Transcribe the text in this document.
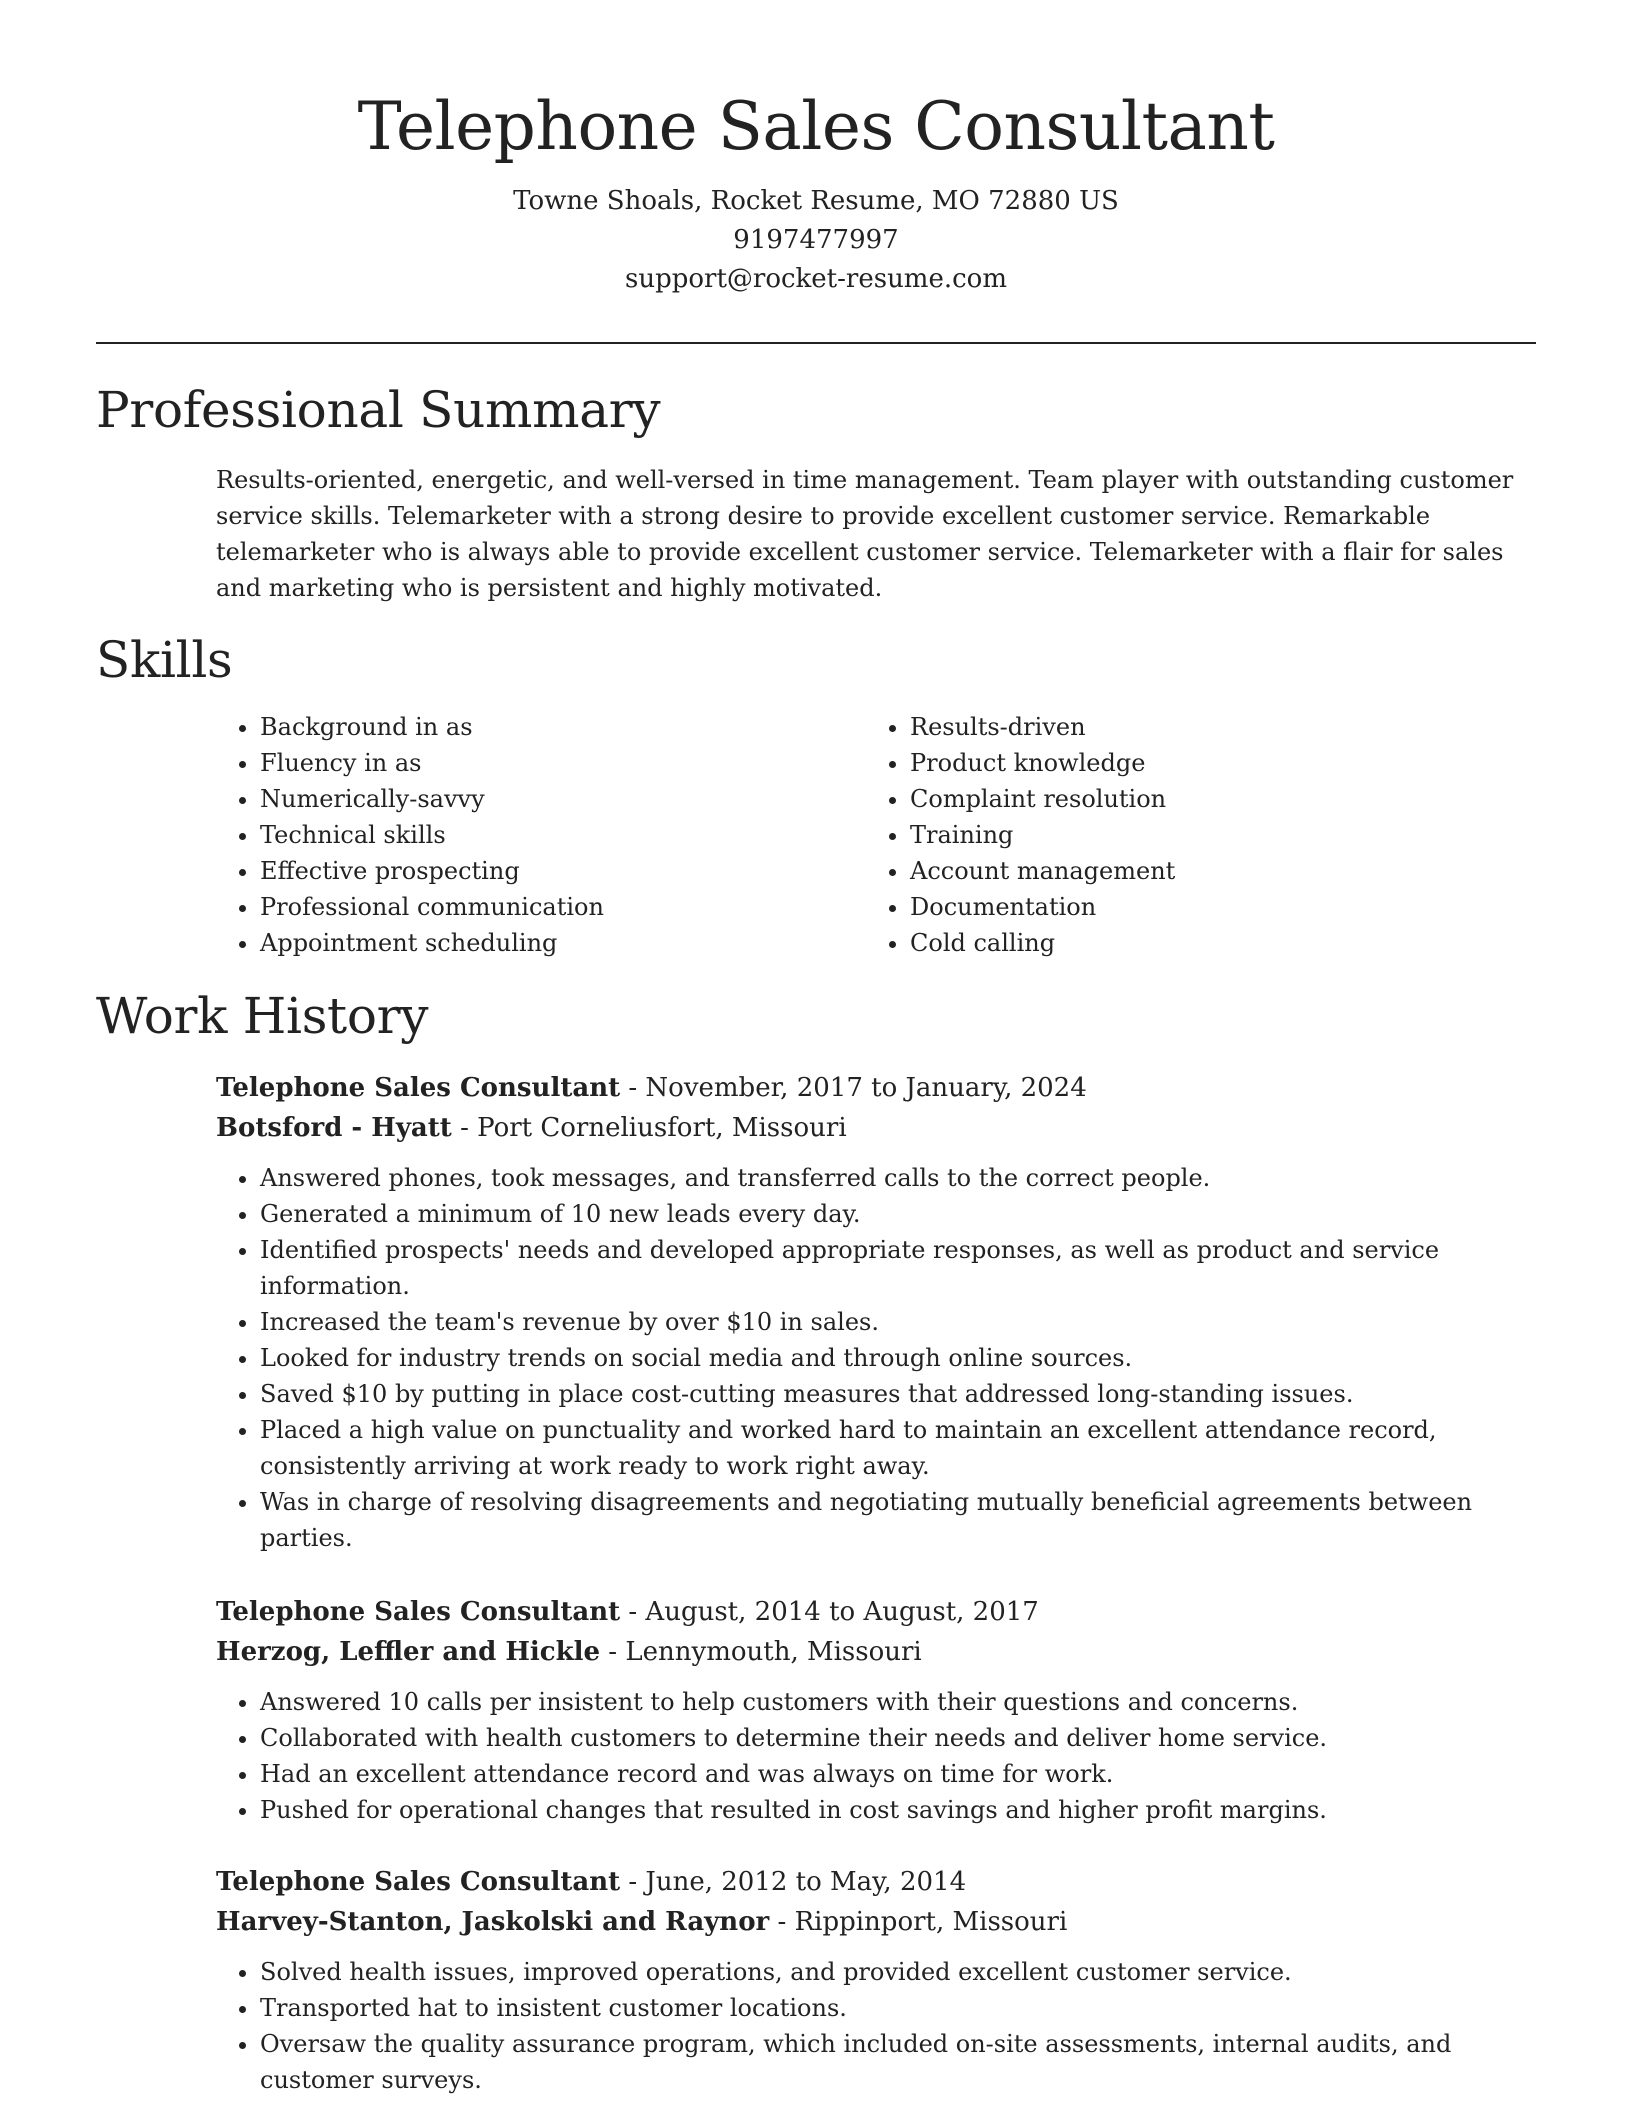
Telephone Sales Consultant
Towne Shoals, Rocket Resume, MO 72880 US
9197477997
support@rocket-resume.com
Professional Summary

Results-oriented, energetic, and well-versed in time management. Team player with outstanding customer service skills. Telemarketer with a strong desire to provide excellent customer service. Remarkable telemarketer who is always able to provide excellent customer service. Telemarketer with a flair for sales and marketing who is persistent and highly motivated.

Skills
• Background in as
• Fluency in as
• Numerically-savvy
• Technical skills
• Effective prospecting
• Professional communication
• Appointment scheduling
• Results-driven
• Product knowledge
• Complaint resolution
• Training
• Account management
• Documentation
• Cold calling
Work History
Telephone Sales Consultant - November, 2017 to January, 2024
Botsford - Hyatt - Port Corneliusfort, Missouri
• Answered phones, took messages, and transferred calls to the correct people.
• Generated a minimum of 10 new leads every day.
• Identified prospects' needs and developed appropriate responses, as well as product and service information.
• Increased the team's revenue by over $10 in sales.
• Looked for industry trends on social media and through online sources.
• Saved $10 by putting in place cost-cutting measures that addressed long-standing issues.
• Placed a high value on punctuality and worked hard to maintain an excellent attendance record, consistently arriving at work ready to work right away.
• Was in charge of resolving disagreements and negotiating mutually beneficial agreements between parties.
Telephone Sales Consultant - August, 2014 to August, 2017
Herzog, Leffler and Hickle - Lennymouth, Missouri
• Answered 10 calls per insistent to help customers with their questions and concerns.
• Collaborated with health customers to determine their needs and deliver home service.
• Had an excellent attendance record and was always on time for work.
• Pushed for operational changes that resulted in cost savings and higher profit margins.
Telephone Sales Consultant - June, 2012 to May, 2014
Harvey-Stanton, Jaskolski and Raynor - Rippinport, Missouri
• Solved health issues, improved operations, and provided excellent customer service.
• Transported hat to insistent customer locations.
• Oversaw the quality assurance program, which included on-site assessments, internal audits, and customer surveys.
